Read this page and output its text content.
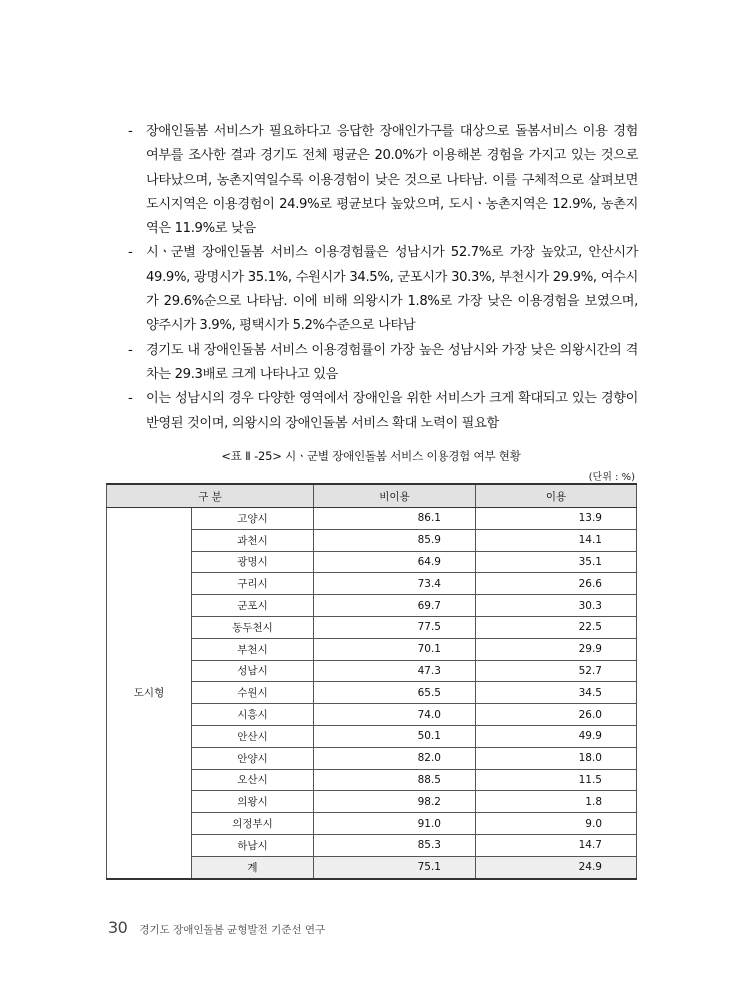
- 장애인돌봄 서비스가 필요하다고 응답한 장애인가구를 대상으로 돌봄서비스 이용 경험 여부를 조사한 결과 경기도 전체 평균은 20.0%가 이용해본 경험을 가지고 있는 것으로 나타났으며, 농촌지역일수록 이용경험이 낮은 것으로 나타남. 이를 구체적으로 살펴보면 도시지역은 이용경험이 24.9%로 평균보다 높았으며, 도시ㆍ농촌지역은 12.9%, 농촌지역은 11.9%로 낮음
- 시ㆍ군별 장애인돌봄 서비스 이용경험률은 성남시가 52.7%로 가장 높았고, 안산시가 49.9%, 광명시가 35.1%, 수원시가 34.5%, 군포시가 30.3%, 부천시가 29.9%, 여수시가 29.6%순으로 나타남. 이에 비해 의왕시가 1.8%로 가장 낮은 이용경험을 보였으며, 양주시가 3.9%, 평택시가 5.2%수준으로 나타남
- 경기도 내 장애인돌봄 서비스 이용경험률이 가장 높은 성남시와 가장 낮은 의왕시간의 격차는 29.3배로 크게 나타나고 있음
- 이는 성남시의 경우 다양한 영역에서 장애인을 위한 서비스가 크게 확대되고 있는 경향이 반영된 것이며, 의왕시의 장애인돌봄 서비스 확대 노력이 필요함
<표 Ⅱ -25> 시ㆍ군별 장애인돌봄 서비스 이용경험 여부 현황
(단위 : %)
구 분		비이용	이용
도시형	고양시	86.1	13.9
	과천시	85.9	14.1
	광명시	64.9	35.1
	구리시	73.4	26.6
	군포시	69.7	30.3
	동두천시	77.5	22.5
	부천시	70.1	29.9
	성남시	47.3	52.7
	수원시	65.5	34.5
	시흥시	74.0	26.0
	안산시	50.1	49.9
	안양시	82.0	18.0
	오산시	88.5	11.5
	의왕시	98.2	1.8
	의정부시	91.0	9.0
	하남시	85.3	14.7
	계	75.1	24.9
30 경기도 장애인돌봄 균형발전 기준선 연구
